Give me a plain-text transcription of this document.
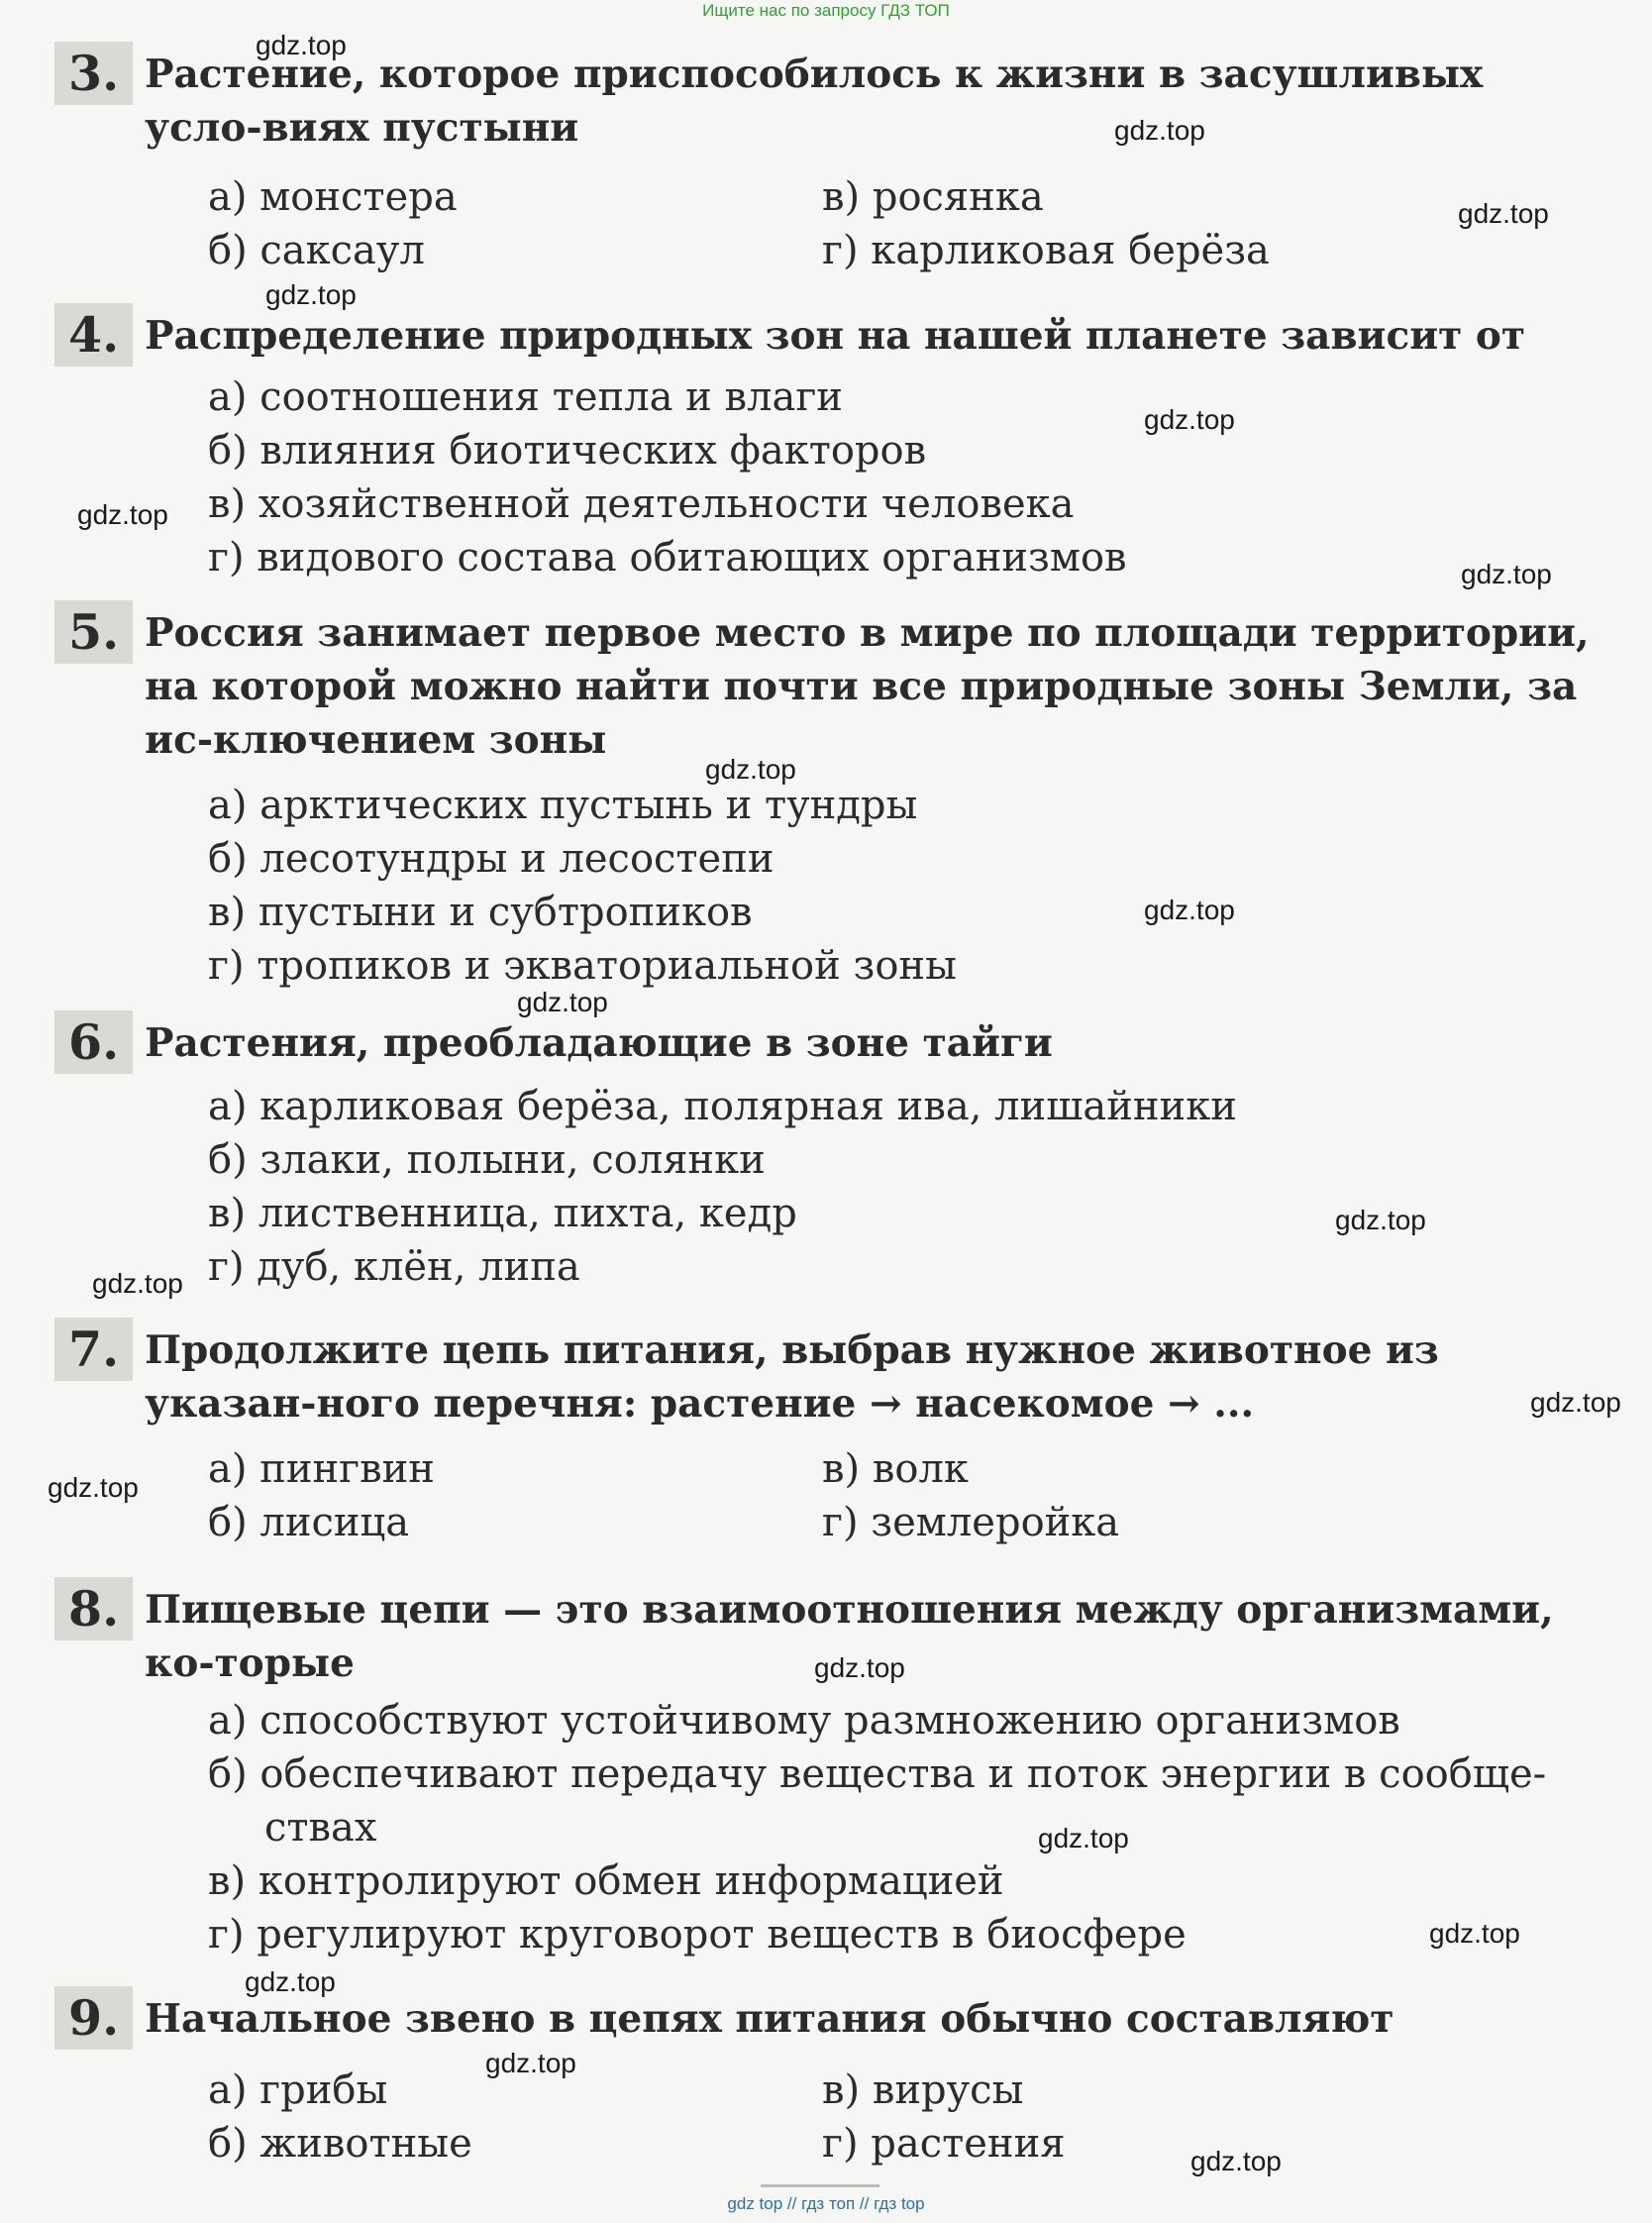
Ищите нас по запросу ГДЗ ТОП
3. Растение, которое приспособилось к жизни в засушливых усло-виях пустыни
а) монстера	в) росянка
б) саксаул	г) карликовая берёза
4. Распределение природных зон на нашей планете зависит от
а) соотношения тепла и влаги
б) влияния биотических факторов
в) хозяйственной деятельности человека
г) видового состава обитающих организмов
5. Россия занимает первое место в мире по площади территории, на которой можно найти почти все природные зоны Земли, за ис-ключением зоны
а) арктических пустынь и тундры
б) лесотундры и лесостепи
в) пустыни и субтропиков
г) тропиков и экваториальной зоны
6. Растения, преобладающие в зоне тайги
а) карликовая берёза, полярная ива, лишайники
б) злаки, полыни, солянки
в) лиственница, пихта, кедр
г) дуб, клён, липа
7. Продолжите цепь питания, выбрав нужное животное из указан-ного перечня: растение → насекомое → ...
а) пингвин	в) волк
б) лисица	г) землеройка
8. Пищевые цепи — это взаимоотношения между организмами, ко-торые
а) способствуют устойчивому размножению организмов
б) обеспечивают передачу вещества и поток энергии в сообще-
ствах
в) контролируют обмен информацией
г) регулируют круговорот веществ в биосфере
9. Начальное звено в цепях питания обычно составляют
а) грибы	в) вирусы
б) животные	г) растения
gdz.top
gdz.top
gdz.top
gdz.top
gdz.top
gdz.top
gdz.top
gdz.top
gdz.top
gdz.top
gdz.top
gdz.top
gdz.top
gdz.top
gdz.top
gdz.top
gdz.top
gdz.top
gdz.top
gdz.top
gdz top // гдз топ // гдз top
